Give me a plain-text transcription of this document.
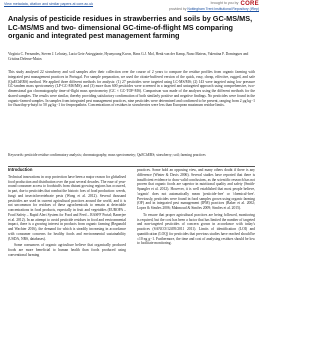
View metadata, citation and similar papers at core.ac.uk	brought to you by CORE
provided by Nottingham Trent Institutional Repository (IRep)
Analysis of pesticide residues in strawberries and soils by GC-MS/MS, LC-MS/MS and two- dimensional GC-time-of-flight MS comparing organic and integrated pest management farming
Virgínia C. Fernandes, Steven J. Lehotay, Lucia Geis-Asteggiante, Hyunyoung Kwon, Hans G.J. Mol, Henk van der Kamp, Nuno Mateus, Valentina F. Domingues and Cristina Delerue-Matos
This study analysed 22 strawberry and soil samples after their collection over the course of 2 years to compare the residue profiles from organic farming with integrated pest management practices in Portugal. For sample preparation, we used the citrate-buffered version of the quick, easy, cheap, effective, rugged, and safe (QuEChERS) method. We applied three different methods for analysis: (1) 27 pesticides were targeted using LC-MS/MS; (2) 143 were targeted using low pressure GC-tandem mass spectrometry (LP-GC-MS/MS); and (3) more than 600 pesticides were screened in a targeted and untargeted approach using comprehensive, two-dimensional gas chromatography time-of-flight mass spectrometry (GC × GC-TOF-MS). Comparison was made of the analyses using the different methods for the shared samples. The results were similar, thereby providing satisfactory confirmation of both similarly positive and negative findings. No pesticides were found in the organic-farmed samples. In samples from integrated pest management practices, nine pesticides were determined and confirmed to be present, ranging from 2 μg kg−1 for fluazifop-p-butyl to 50 μg kg−1 for fenpropathrin. Concentrations of residues in strawberries were less than European maximum residue limits.
Keywords: pesticide residue confirmatory analysis; chromatography; mass spectrometry; QuEChERS; strawberry; soil; farming practices
Introduction

Technical innovations in crop protection have been a major reason for globalised food production and distribution over the past several decades. The ease of year-round consumer access to foodstuffs from distant growing regions has occurred, in part, due to pesticides that combat the historic foes of food production: weeds, fungi and insects/invertebrate pests (Wong et al. 2012). Several thousand pesticides are used in current agricultural practices around the world, and it is not uncommon for residues of these agrochemicals to remain at detectable concentrations in food products, especially in fruit and vegetables (EUROPA – Food Safety – Rapid Alert System for Food and Feed – RASFF Portal; Banerjee et al. 2012). In an attempt to avoid pesticide residues in food and environmental impact, there is a growing interest in products from organic farming (Reganold and Wachter 2016), the demand for which is steadily increasing in accordance with consumer concerns for healthy foods and environmental sustainability (USDA, NRS, databases).

Some consumers of organic agriculture believe that organically produced foods are more beneficial to human health than foods produced using conventional farming

practices. Some hold an opposing view, and many others doubt if there is any difference (Winter & Davis 2006). Several studies have reported that there is insufficient evidence to draw valid conclusions, as the scientific research has not proven that organic foods are superior in nutritional quality and safety (Smith-Spangler et al. 2012). However, it is well established that most people believe, 'organic' does not automatically mean 'pesticide-free' or 'chemical-free'. Previously, pesticides were found in food samples grown using organic farming (OF) and in integrated pest management (IPM) practices (Baker et al. 2002; Lopez & Simões 2006; Mahmoud & Simões 2009; Simões et al. 2015).

To ensure that proper agricultural practices are being followed, monitoring is required, but the cost has been a factor that has limited the number of targeted and non-targeted pesticides of concern grown in accordance with today's practices (SANCO/12495/2011 2011). Limits of identification (LOI) and quantification (LOQ) for pesticides that previous studies have reached should be ≤10 ng g−1. Furthermore, the time and cost of analysing residues should be low to facilitate monitoring.
